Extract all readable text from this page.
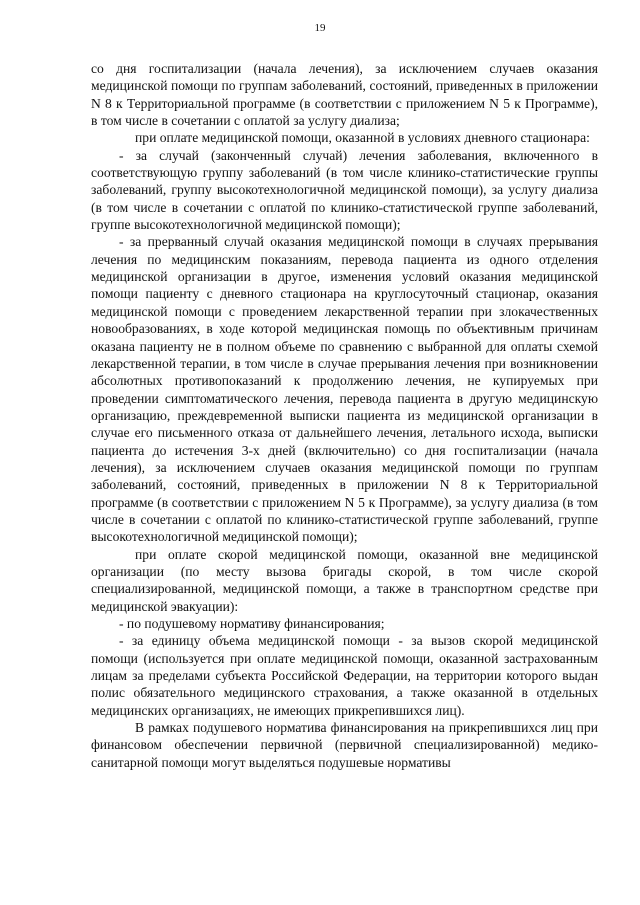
19

со дня госпитализации (начала лечения), за исключением случаев оказания медицинской помощи по группам заболеваний, состояний, приведенных в приложении N 8 к Территориальной программе (в соответствии с приложением N 5 к Программе), в том числе в сочетании с оплатой за услугу диализа;

при оплате медицинской помощи, оказанной в условиях дневного стационара:

- за случай (законченный случай) лечения заболевания, включенного в соответствующую группу заболеваний (в том числе клинико-статистические группы заболеваний, группу высокотехнологичной медицинской помощи), за услугу диализа (в том числе в сочетании с оплатой по клинико-статистической группе заболеваний, группе высокотехнологичной медицинской помощи);

- за прерванный случай оказания медицинской помощи в случаях прерывания лечения по медицинским показаниям, перевода пациента из одного отделения медицинской организации в другое, изменения условий оказания медицинской помощи пациенту с дневного стационара на круглосуточный стационар, оказания медицинской помощи с проведением лекарственной терапии при злокачественных новообразованиях, в ходе которой медицинская помощь по объективным причинам оказана пациенту не в полном объеме по сравнению с выбранной для оплаты схемой лекарственной терапии, в том числе в случае прерывания лечения при возникновении абсолютных противопоказаний к продолжению лечения, не купируемых при проведении симптоматического лечения, перевода пациента в другую медицинскую организацию, преждевременной выписки пациента из медицинской организации в случае его письменного отказа от дальнейшего лечения, летального исхода, выписки пациента до истечения 3-х дней (включительно) со дня госпитализации (начала лечения), за исключением случаев оказания медицинской помощи по группам заболеваний, состояний, приведенных в приложении N 8 к Территориальной программе (в соответствии с приложением N 5 к Программе), за услугу диализа (в том числе в сочетании с оплатой по клинико-статистической группе заболеваний, группе высокотехнологичной медицинской помощи);

при оплате скорой медицинской помощи, оказанной вне медицинской организации (по месту вызова бригады скорой, в том числе скорой специализированной, медицинской помощи, а также в транспортном средстве при медицинской эвакуации):

- по подушевому нормативу финансирования;

- за единицу объема медицинской помощи - за вызов скорой медицинской помощи (используется при оплате медицинской помощи, оказанной застрахованным лицам за пределами субъекта Российской Федерации, на территории которого выдан полис обязательного медицинского страхования, а также оказанной в отдельных медицинских организациях, не имеющих прикрепившихся лиц).

В рамках подушевого норматива финансирования на прикрепившихся лиц при финансовом обеспечении первичной (первичной специализированной) медико-санитарной помощи могут выделяться подушевые нормативы
